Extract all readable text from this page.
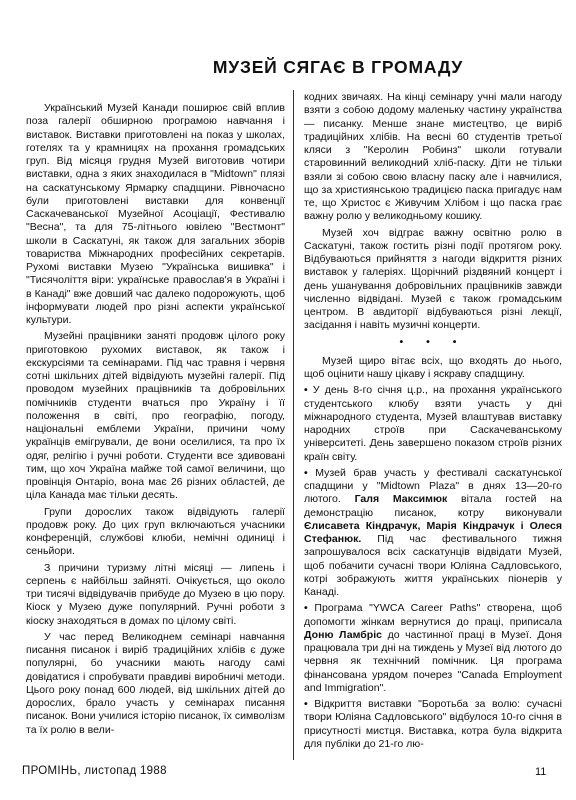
МУЗЕЙ СЯГАЄ В ГРОМАДУ

Український Музей Канади поширює свій вплив поза галерії обширною програмою навчання і виставок. Виставки приготовлені на показ у школах, готелях та у крамницях на прохання громадських груп. Від місяця грудня Музей виготовив чотири виставки, одна з яких знаходилася в "Midtown" плязі на саскатунському Ярмарку спадщини. Рівночасно були приготовлені виставки для конвенції Саскачеванської Музейної Асоціації, Фестивалю "Весна", та для 75-літнього ювілею "Вестмонт" школи в Саскатуні, як також для загальних зборів товариства Міжнародних професійних секретарів. Рухомі виставки Музею "Українська вишивка" і "Тисячоліття віри: українське православ'я в Україні і в Канаді" вже довший час далеко подорожують, щоб інформувати людей про різні аспекти української культури.

Музейні працівники заняті продовж цілого року приготовкою рухомих виставок, як також і екскурсіями та семінарами. Під час травня і червня сотні шкільних дітей відвідують музейні галерії. Під проводом музейних працівників та добровільних помічників студенти вчаться про Україну і її положення в світі, про географію, погоду, національні емблеми України, причини чому українців емігрували, де вони оселилися, та про їх одяг, релігію і ручні роботи. Студенти все здивовані тим, що хоч Україна майже той самої величини, що провінція Онтаріо, вона має 26 різних областей, де ціла Канада має тільки десять.

Групи дорослих також відвідують галерії продовж року. До цих груп включаються учасники конференцій, службові клюби, немічні одиниці і сеньйори.

З причини туризму літні місяці — липень і серпень є найбільш зайняті. Очікується, що около три тисячі відвідувачів прибуде до Музею в цю пору. Кіоск у Музею дуже популярний. Ручні роботи з кіоску знаходяться в домах по цілому світі.

У час перед Великоднем семінарі навчання писання писанок і виріб традиційних хлібів є дуже популярні, бо учасники мають нагоду самі довідатися і спробувати правдиві виробничі методи. Цього року понад 600 людей, від шкільних дітей до дорослих, брало участь у семінарах писання писанок. Вони училися історію писанок, їх символізм та їх ролю в вели-

кодних звичаях. На кінці семінару учні мали нагоду взяти з собою додому маленьку частину українства — писанку. Менше знане мистецтво, це виріб традиційних хлібів. На весні 60 студентів третьої кляси з "Керолин Робинз" школи готували старовинний великодний хліб-паску. Діти не тільки взяли зі собою свою власну паску але і навчилися, що за християнською традицією паска пригадує нам те, що Христос є Живучим Хлібом і що паска грає важну ролю у великодньому кошику.

Музей хоч відграє важну освітню ролю в Саскатуні, також гостить різні події протягом року. Відбуваються прийняття з нагоди відкриття різних виставок у галеріях. Щорічний різдвяний концерт і день ушанування добровільних працівників завжди численно відвідані. Музей є також громадським центром. В авдиторії відбуваються різні лекції, засідання і навіть музичні концерти.

• • •

Музей щиро вітає всіх, що входять до нього, щоб оцінити нашу цікаву і яскраву спадщину.

• У день 8-го січня ц.р., на прохання українського студентського клюбу взяти участь у дні міжнародного студента, Музей влаштував виставку народних строїв при Саскачеванському університеті. День завершено показом строїв різних країн світу.

• Музей брав участь у фестивалі саскатунської спадщини у "Midtown Plaza" в днях 13—20-го лютого. Галя Максимюк вітала гостей на демонстрацію писанок, котру виконували Єлисавета Кіндрачук, Марія Кіндрачук і Олеся Стефанюк. Під час фестивального тижня запрошувалося всіх саскатунців відвідати Музей, щоб побачити сучасні твори Юліяна Садловського, котрі зображують життя українських піонерів у Канаді.

• Програма "YWCA Career Paths" створена, щоб допомогти жінкам вернутися до праці, приписала Доню Ламбріс до частинної праці в Музеї. Доня працювала три дні на тиждень у Музеї від лютого до червня як технічний помічник. Ця програма фінансована урядом почерез "Canada Employment and Immigration".

• Відкриття виставки "Боротьба за волю: сучасні твори Юліяна Садловського" відбулося 10-го січня в присутності мистця. Виставка, котра була відкрита для публіки до 21-го лю-

ПРОМІНЬ, листопад 1988	11
